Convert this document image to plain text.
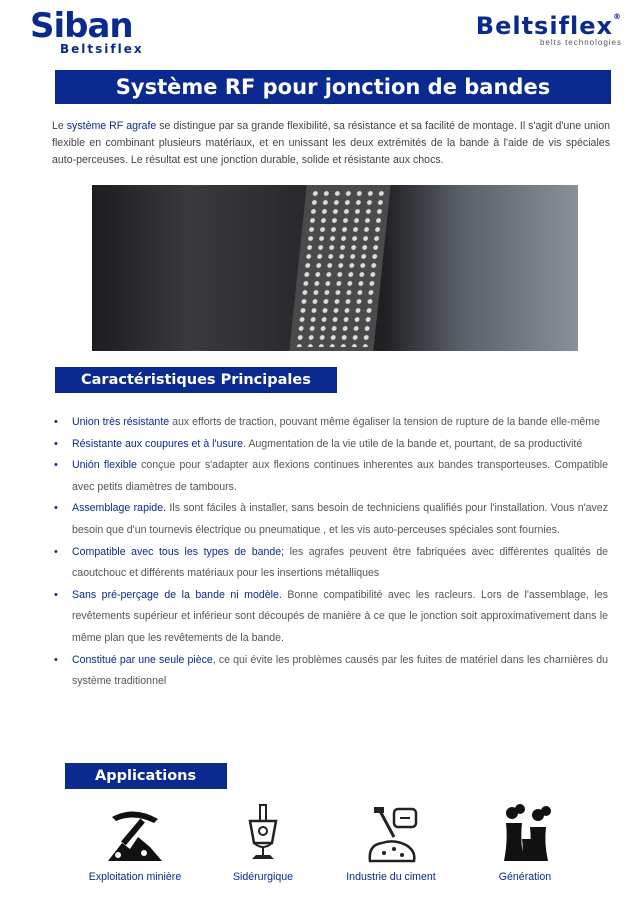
Siban
Beltsiflex
Beltsiflex®
belts technologies
Système RF pour jonction de bandes
Le système RF agrafe se distingue par sa grande flexibilité, sa résistance et sa facilité de montage. Il s'agit d'une union flexible en combinant plusieurs matériaux, et en unissant les deux extrémités de la bande à l'aide de vis spéciales auto-perceuses. Le résultat est une jonction durable, solide et résistante aux chocs.
Caractéristiques Principales
• Union très résistante aux efforts de traction, pouvant même égaliser la tension de rupture de la bande elle-même
• Résistante aux coupures et à l'usure. Augmentation de la vie utile de la bande et, pourtant, de sa productivité
• Unión flexible conçue pour s'adapter aux flexions continues inherentes aux bandes transporteuses. Compatible avec petits diamètres de tambours.
• Assemblage rapide. Ils sont fáciles à installer, sans besoin de techniciens qualifiés pour l'installation. Vous n'avez besoin que d'un tournevis électrique ou pneumatique , et les vis auto-perceuses spéciales sont fournies.
• Compatible avec tous les types de bande; les agrafes peuvent être fabriquées avec différentes qualités de caoutchouc et différents matériaux pour les insertions métalliques
• Sans pré-perçage de la bande ni modèle. Bonne compatibilité avec les racleurs. Lors de l'assemblage, les revêtements supérieur et inférieur sont découpés de manière à ce que le jonction soit approximativement dans le même plan que les revêtements de la bande.
• Constitué par une seule pièce, ce qui évite les problèmes causés par les fuites de matériel dans les charnières du système traditionnel
Applications
Exploitation minière	Sidérurgique	Industrie du ciment	Génération
